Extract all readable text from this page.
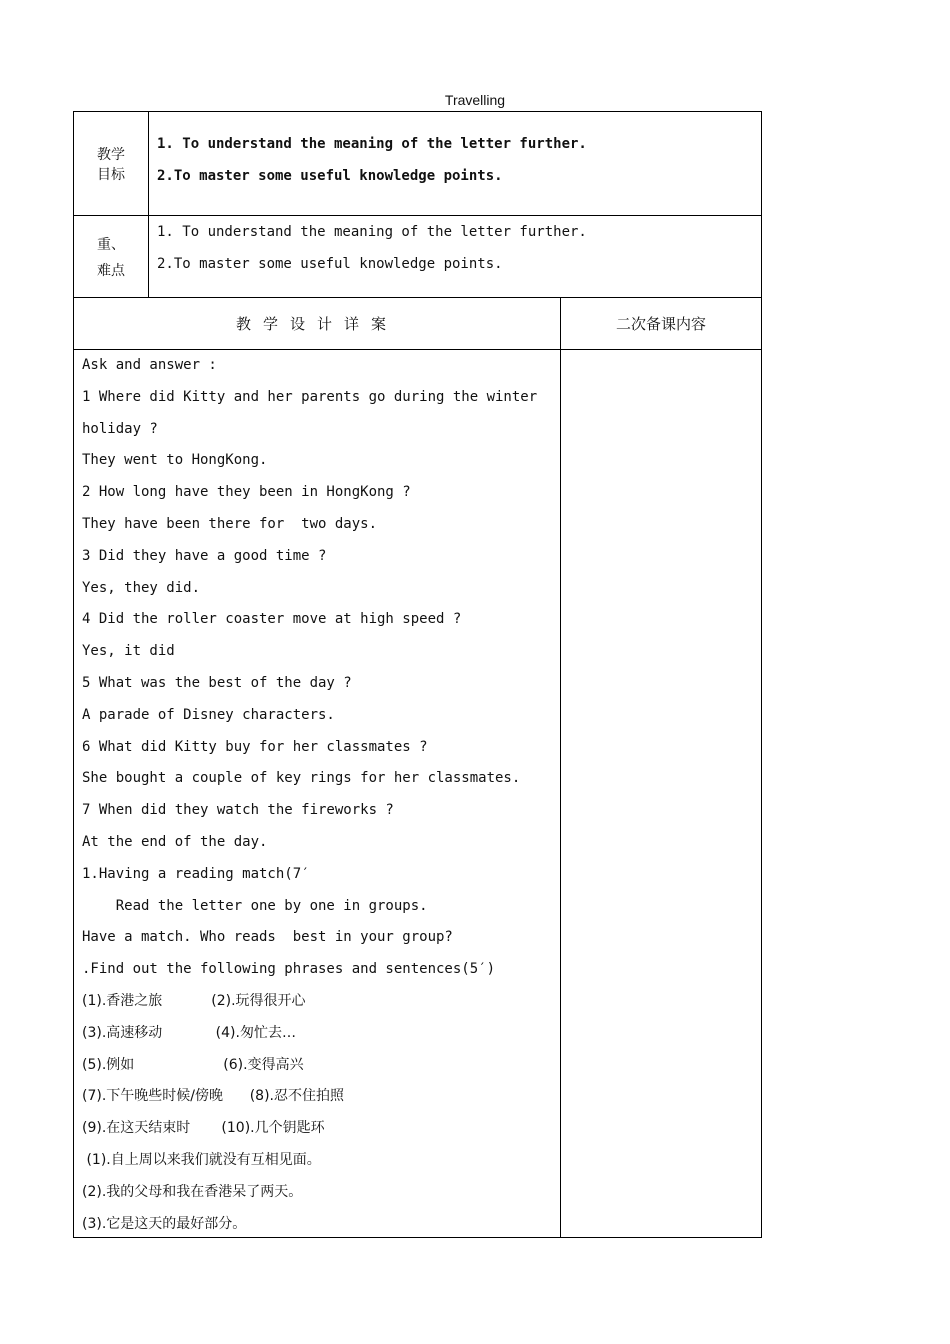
Travelling
教学
目标
1. To understand the meaning of the letter further.
2.To master some useful knowledge points.
重、
难点
1. To understand the meaning of the letter further.
2.To master some useful knowledge points.
教学设计详案	二次备课内容
Ask and answer :
1 Where did Kitty and her parents go during the winter
holiday ?
They went to HongKong.
2 How long have they been in HongKong ?
They have been there for  two days.
3 Did they have a good time ?
Yes, they did.
4 Did the roller coaster move at high speed ?
Yes, it did
5 What was the best of the day ?
A parade of Disney characters.
6 What did Kitty buy for her classmates ?
She bought a couple of key rings for her classmates.
7 When did they watch the fireworks ?
At the end of the day.
1.Having a reading match(7′
Read the letter one by one in groups.
Have a match. Who reads  best in your group?
.Find out the following phrases and sentences(5′)
(1).香港之旅           (2).玩得很开心
(3).高速移动            (4).匆忙去…
(5).例如                    (6).变得高兴
(7).下午晚些时候/傍晚      (8).忍不住拍照
(9).在这天结束时       (10).几个钥匙环
(1).自上周以来我们就没有互相见面。
(2).我的父母和我在香港呆了两天。
(3).它是这天的最好部分。
